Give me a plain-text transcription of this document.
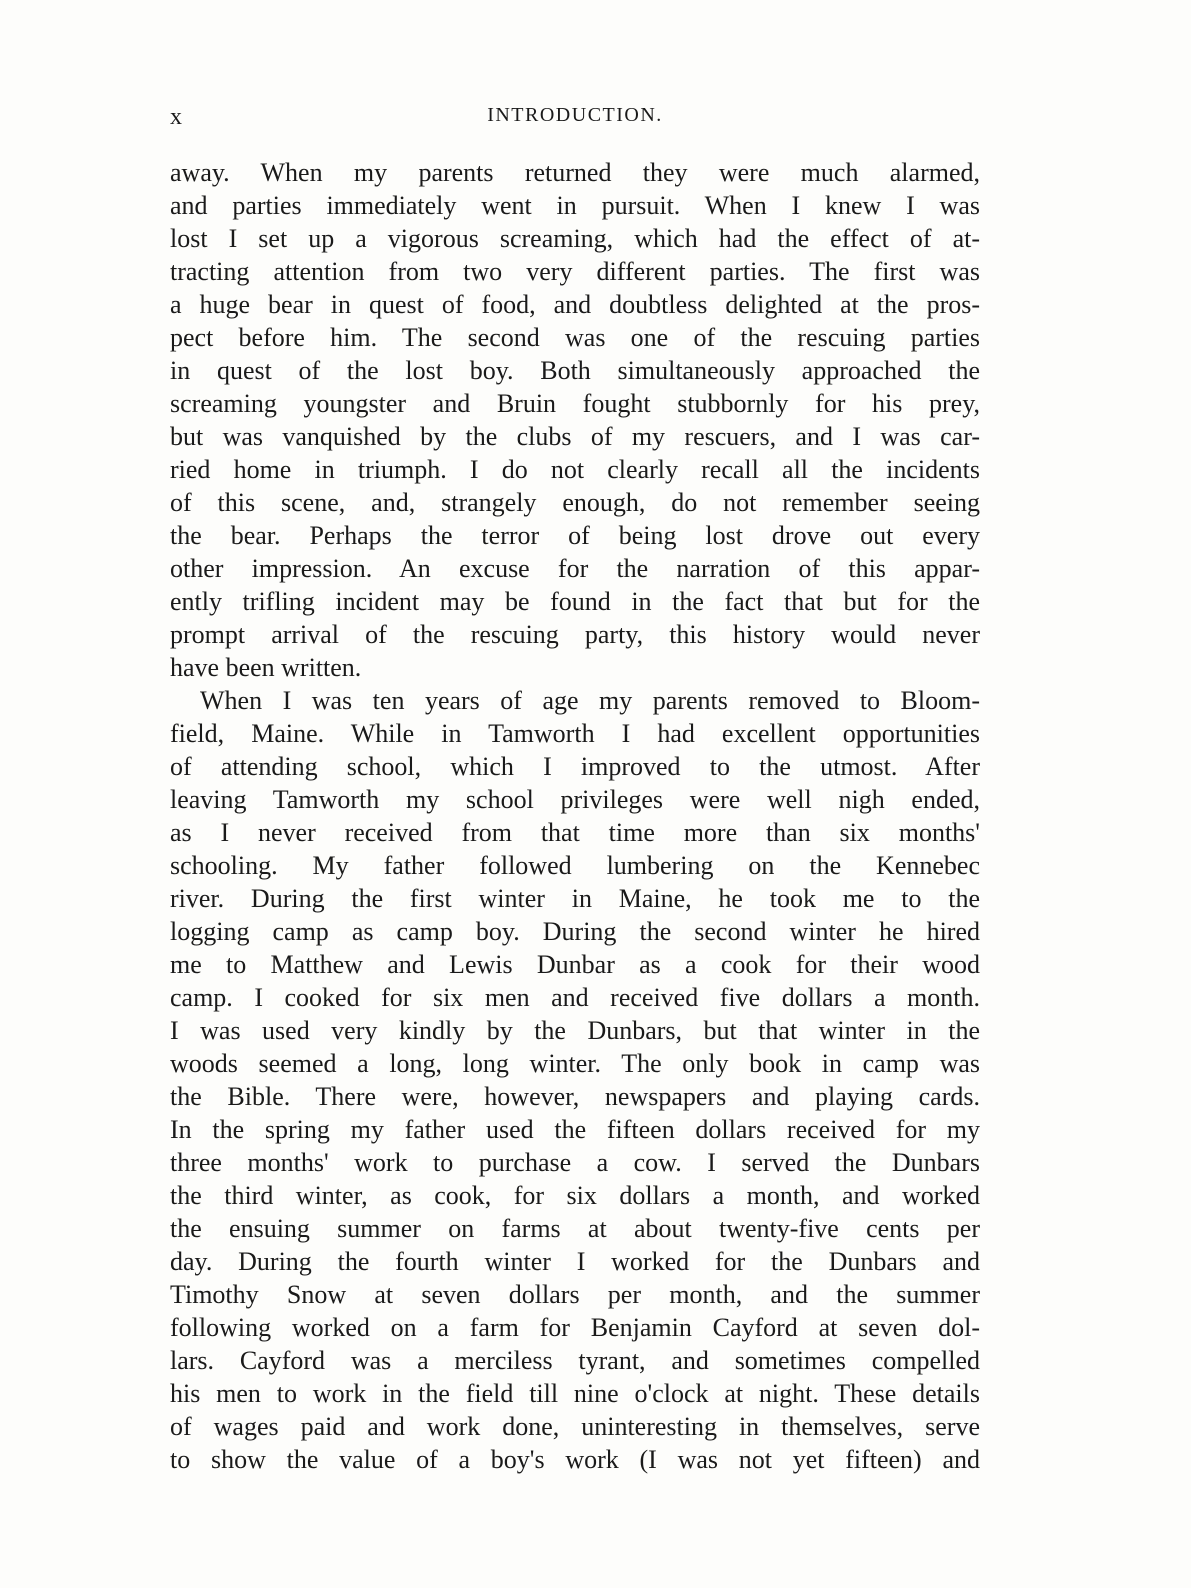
x	INTRODUCTION.
away. When my parents returned they were much alarmed,
and parties immediately went in pursuit. When I knew I was
lost I set up a vigorous screaming, which had the effect of at-
tracting attention from two very different parties. The first was
a huge bear in quest of food, and doubtless delighted at the pros-
pect before him. The second was one of the rescuing parties
in quest of the lost boy. Both simultaneously approached the
screaming youngster and Bruin fought stubbornly for his prey,
but was vanquished by the clubs of my rescuers, and I was car-
ried home in triumph. I do not clearly recall all the incidents
of this scene, and, strangely enough, do not remember seeing
the bear. Perhaps the terror of being lost drove out every
other impression. An excuse for the narration of this appar-
ently trifling incident may be found in the fact that but for the
prompt arrival of the rescuing party, this history would never
have been written.
When I was ten years of age my parents removed to Bloom-
field, Maine. While in Tamworth I had excellent opportunities
of attending school, which I improved to the utmost. After
leaving Tamworth my school privileges were well nigh ended,
as I never received from that time more than six months'
schooling. My father followed lumbering on the Kennebec
river. During the first winter in Maine, he took me to the
logging camp as camp boy. During the second winter he hired
me to Matthew and Lewis Dunbar as a cook for their wood
camp. I cooked for six men and received five dollars a month.
I was used very kindly by the Dunbars, but that winter in the
woods seemed a long, long winter. The only book in camp was
the Bible. There were, however, newspapers and playing cards.
In the spring my father used the fifteen dollars received for my
three months' work to purchase a cow. I served the Dunbars
the third winter, as cook, for six dollars a month, and worked
the ensuing summer on farms at about twenty-five cents per
day. During the fourth winter I worked for the Dunbars and
Timothy Snow at seven dollars per month, and the summer
following worked on a farm for Benjamin Cayford at seven dol-
lars. Cayford was a merciless tyrant, and sometimes compelled
his men to work in the field till nine o'clock at night. These details
of wages paid and work done, uninteresting in themselves, serve
to show the value of a boy's work (I was not yet fifteen) and
